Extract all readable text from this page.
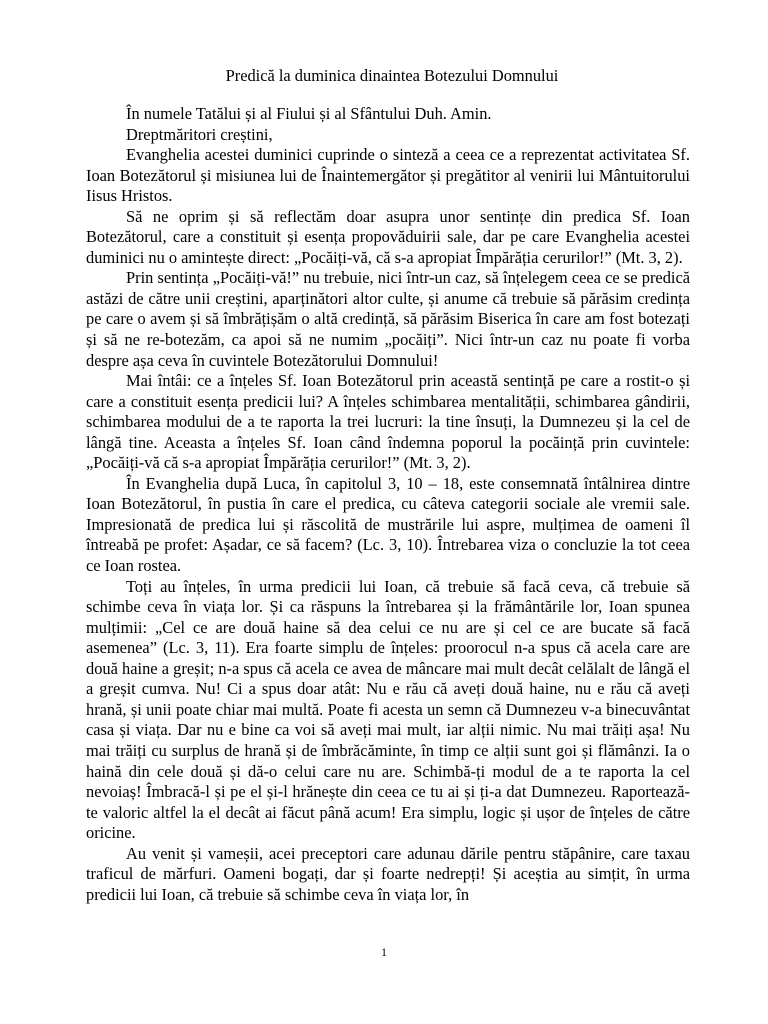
Predică la duminica dinaintea Botezului Domnului

În numele Tatălui și al Fiului și al Sfântului Duh. Amin.

Dreptmăritori creștini,

Evanghelia acestei duminici cuprinde o sinteză a ceea ce a reprezentat activitatea Sf. Ioan Botezătorul și misiunea lui de Înaintemergător și pregătitor al venirii lui Mântuitorului Iisus Hristos.

Să ne oprim și să reflectăm doar asupra unor sentințe din predica Sf. Ioan Botezătorul, care a constituit și esența propovăduirii sale, dar pe care Evanghelia acestei duminici nu o amintește direct: „Pocăiți-vă, că s-a apropiat Împărăția cerurilor!” (Mt. 3, 2).

Prin sentința „Pocăiți-vă!” nu trebuie, nici într-un caz, să înțelegem ceea ce se predică astăzi de către unii creștini, aparținători altor culte, și anume că trebuie să părăsim credința pe care o avem și să îmbrățișăm o altă credință, să părăsim Biserica în care am fost botezați și să ne re-botezăm, ca apoi să ne numim „pocăiți”. Nici într-un caz nu poate fi vorba despre așa ceva în cuvintele Botezătorului Domnului!

Mai întâi: ce a înțeles Sf. Ioan Botezătorul prin această sentință pe care a rostit-o și care a constituit esența predicii lui? A înțeles schimbarea mentalității, schimbarea gândirii, schimbarea modului de a te raporta la trei lucruri: la tine însuți, la Dumnezeu și la cel de lângă tine. Aceasta a înțeles Sf. Ioan când îndemna poporul la pocăință prin cuvintele: „Pocăiți-vă că s-a apropiat Împărăția cerurilor!” (Mt. 3, 2).

În Evanghelia după Luca, în capitolul 3, 10 – 18, este consemnată întâlnirea dintre Ioan Botezătorul, în pustia în care el predica, cu câteva categorii sociale ale vremii sale. Impresionată de predica lui și răscolită de mustrările lui aspre, mulțimea de oameni îl întreabă pe profet: Așadar, ce să facem? (Lc. 3, 10). Întrebarea viza o concluzie la tot ceea ce Ioan rostea.

Toți au înțeles, în urma predicii lui Ioan, că trebuie să facă ceva, că trebuie să schimbe ceva în viața lor. Și ca răspuns la întrebarea și la frământările lor, Ioan spunea mulțimii: „Cel ce are două haine să dea celui ce nu are și cel ce are bucate să facă asemenea” (Lc. 3, 11). Era foarte simplu de înțeles: proorocul n-a spus că acela care are două haine a greșit; n-a spus că acela ce avea de mâncare mai mult decât celălalt de lângă el a greșit cumva. Nu! Ci a spus doar atât: Nu e rău că aveți două haine, nu e rău că aveți hrană, și unii poate chiar mai multă. Poate fi acesta un semn că Dumnezeu v-a binecuvântat casa și viața. Dar nu e bine ca voi să aveți mai mult, iar alții nimic. Nu mai trăiți așa! Nu mai trăiți cu surplus de hrană și de îmbrăcăminte, în timp ce alții sunt goi și flămânzi. Ia o haină din cele două și dă-o celui care nu are. Schimbă-ți modul de a te raporta la cel nevoiaș! Îmbracă-l și pe el și-l hrănește din ceea ce tu ai și ți-a dat Dumnezeu. Raportează-te valoric altfel la el decât ai făcut până acum! Era simplu, logic și ușor de înțeles de către oricine.

Au venit și vameșii, acei preceptori care adunau dările pentru stăpânire, care taxau traficul de mărfuri. Oameni bogați, dar și foarte nedrepți! Și aceștia au simțit, în urma predicii lui Ioan, că trebuie să schimbe ceva în viața lor, în

1
